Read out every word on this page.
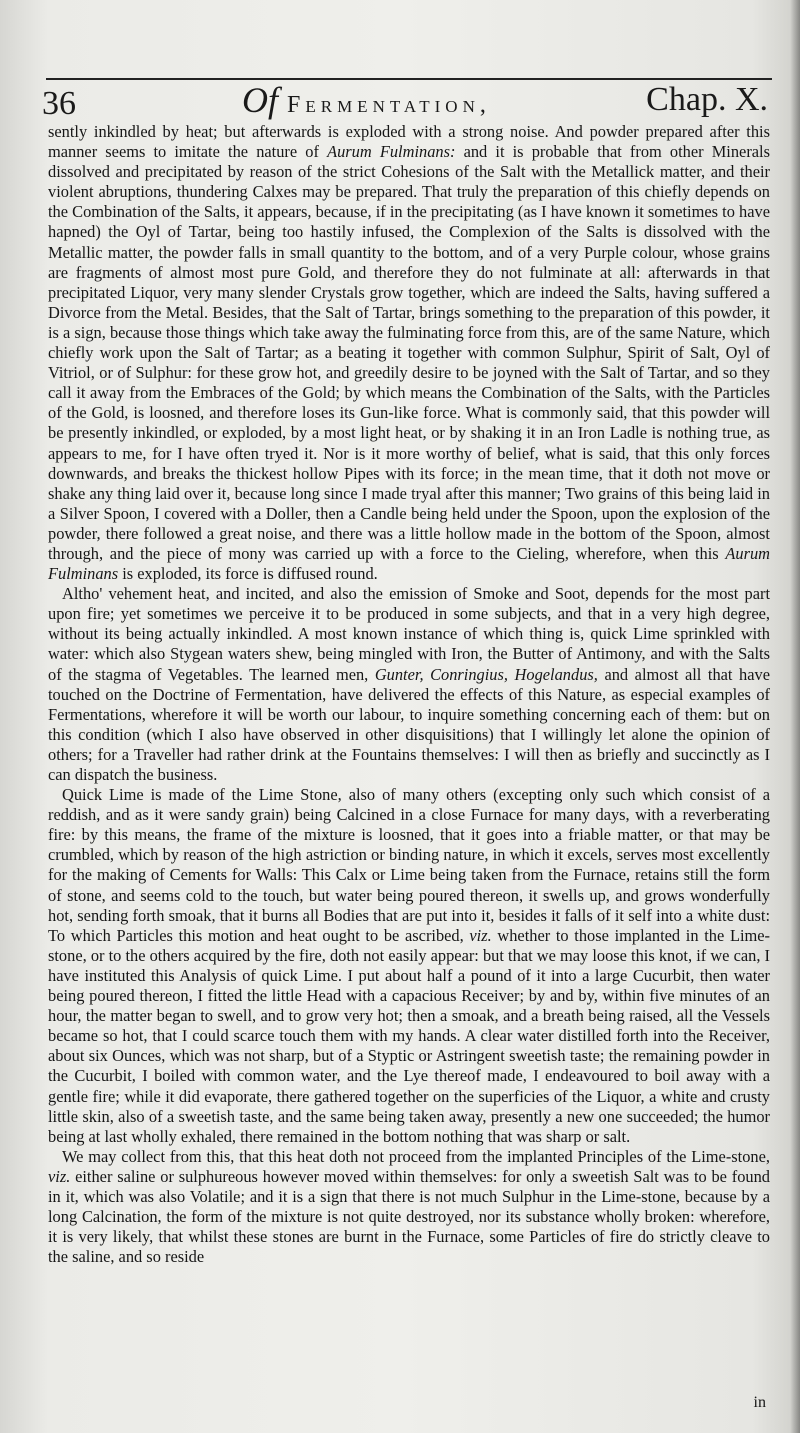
36	Of Fermentation,	Chap. X.

sently inkindled by heat; but afterwards is exploded with a strong noise. And powder prepared after this manner seems to imitate the nature of Aurum Fulminans: and it is probable that from other Minerals dissolved and precipitated by reason of the strict Cohesions of the Salt with the Metallick matter, and their violent abruptions, thundering Calxes may be prepared. That truly the preparation of this chiefly depends on the Combination of the Salts, it appears, because, if in the precipitating (as I have known it sometimes to have hapned) the Oyl of Tartar, being too hastily infused, the Complexion of the Salts is dissolved with the Metallic matter, the powder falls in small quantity to the bottom, and of a very Purple colour, whose grains are fragments of almost most pure Gold, and therefore they do not fulminate at all: afterwards in that precipitated Liquor, very many slender Crystals grow together, which are indeed the Salts, having suffered a Divorce from the Metal. Besides, that the Salt of Tartar, brings something to the preparation of this powder, it is a sign, because those things which take away the fulminating force from this, are of the same Nature, which chiefly work upon the Salt of Tartar; as a beating it together with common Sulphur, Spirit of Salt, Oyl of Vitriol, or of Sulphur: for these grow hot, and greedily desire to be joyned with the Salt of Tartar, and so they call it away from the Embraces of the Gold; by which means the Combination of the Salts, with the Particles of the Gold, is loosned, and therefore loses its Gun-like force. What is commonly said, that this powder will be presently inkindled, or exploded, by a most light heat, or by shaking it in an Iron Ladle is nothing true, as appears to me, for I have often tryed it. Nor is it more worthy of belief, what is said, that this only forces downwards, and breaks the thickest hollow Pipes with its force; in the mean time, that it doth not move or shake any thing laid over it, because long since I made tryal after this manner; Two grains of this being laid in a Silver Spoon, I covered with a Doller, then a Candle being held under the Spoon, upon the explosion of the powder, there followed a great noise, and there was a little hollow made in the bottom of the Spoon, almost through, and the piece of mony was carried up with a force to the Cieling, wherefore, when this Aurum Fulminans is exploded, its force is diffused round.

Altho' vehement heat, and incited, and also the emission of Smoke and Soot, depends for the most part upon fire; yet sometimes we perceive it to be produced in some subjects, and that in a very high degree, without its being actually inkindled. A most known instance of which thing is, quick Lime sprinkled with water: which also Stygean waters shew, being mingled with Iron, the Butter of Antimony, and with the Salts of the stagma of Vegetables. The learned men, Gunter, Conringius, Hogelandus, and almost all that have touched on the Doctrine of Fermentation, have delivered the effects of this Nature, as especial examples of Fermentations, wherefore it will be worth our labour, to inquire something concerning each of them: but on this condition (which I also have observed in other disquisitions) that I willingly let alone the opinion of others; for a Traveller had rather drink at the Fountains themselves: I will then as briefly and succinctly as I can dispatch the business.

Quick Lime is made of the Lime Stone, also of many others (excepting only such which consist of a reddish, and as it were sandy grain) being Calcined in a close Furnace for many days, with a reverberating fire: by this means, the frame of the mixture is loosned, that it goes into a friable matter, or that may be crumbled, which by reason of the high astriction or binding nature, in which it excels, serves most excellently for the making of Cements for Walls: This Calx or Lime being taken from the Furnace, retains still the form of stone, and seems cold to the touch, but water being poured thereon, it swells up, and grows wonderfully hot, sending forth smoak, that it burns all Bodies that are put into it, besides it falls of it self into a white dust: To which Particles this motion and heat ought to be ascribed, viz. whether to those implanted in the Lime-stone, or to the others acquired by the fire, doth not easily appear: but that we may loose this knot, if we can, I have instituted this Analysis of quick Lime. I put about half a pound of it into a large Cucurbit, then water being poured thereon, I fitted the little Head with a capacious Receiver; by and by, within five minutes of an hour, the matter began to swell, and to grow very hot; then a smoak, and a breath being raised, all the Vessels became so hot, that I could scarce touch them with my hands. A clear water distilled forth into the Receiver, about six Ounces, which was not sharp, but of a Styptic or Astringent sweetish taste; the remaining powder in the Cucurbit, I boiled with common water, and the Lye thereof made, I endeavoured to boil away with a gentle fire; while it did evaporate, there gathered together on the superficies of the Liquor, a white and crusty little skin, also of a sweetish taste, and the same being taken away, presently a new one succeeded; the humor being at last wholly exhaled, there remained in the bottom nothing that was sharp or salt.

We may collect from this, that this heat doth not proceed from the implanted Principles of the Lime-stone, viz. either saline or sulphureous however moved within themselves: for only a sweetish Salt was to be found in it, which was also Volatile; and it is a sign that there is not much Sulphur in the Lime-stone, because by a long Calcination, the form of the mixture is not quite destroyed, nor its substance wholly broken: wherefore, it is very likely, that whilst these stones are burnt in the Furnace, some Particles of fire do strictly cleave to the saline, and so reside

in
